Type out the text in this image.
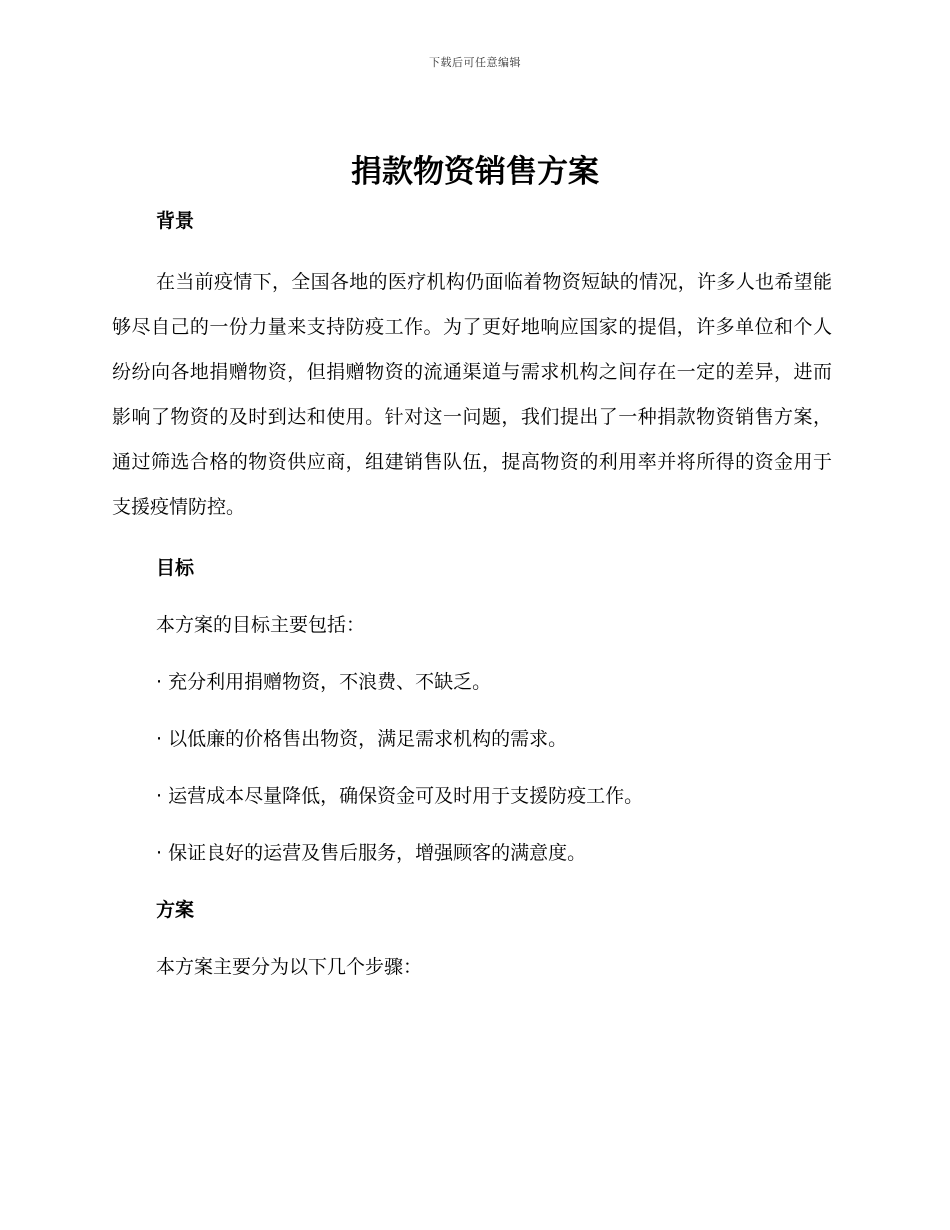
下载后可任意编辑
捐款物资销售方案
背景

在当前疫情下，全国各地的医疗机构仍面临着物资短缺的情况，许多人也希望能够尽自己的一份力量来支持防疫工作。为了更好地响应国家的提倡，许多单位和个人纷纷向各地捐赠物资，但捐赠物资的流通渠道与需求机构之间存在一定的差异，进而影响了物资的及时到达和使用。针对这一问题，我们提出了一种捐款物资销售方案，通过筛选合格的物资供应商，组建销售队伍，提高物资的利用率并将所得的资金用于支援疫情防控。

目标
本方案的目标主要包括：
· 充分利用捐赠物资，不浪费、不缺乏。
· 以低廉的价格售出物资，满足需求机构的需求。
· 运营成本尽量降低，确保资金可及时用于支援防疫工作。
· 保证良好的运营及售后服务，增强顾客的满意度。
方案
本方案主要分为以下几个步骤：
